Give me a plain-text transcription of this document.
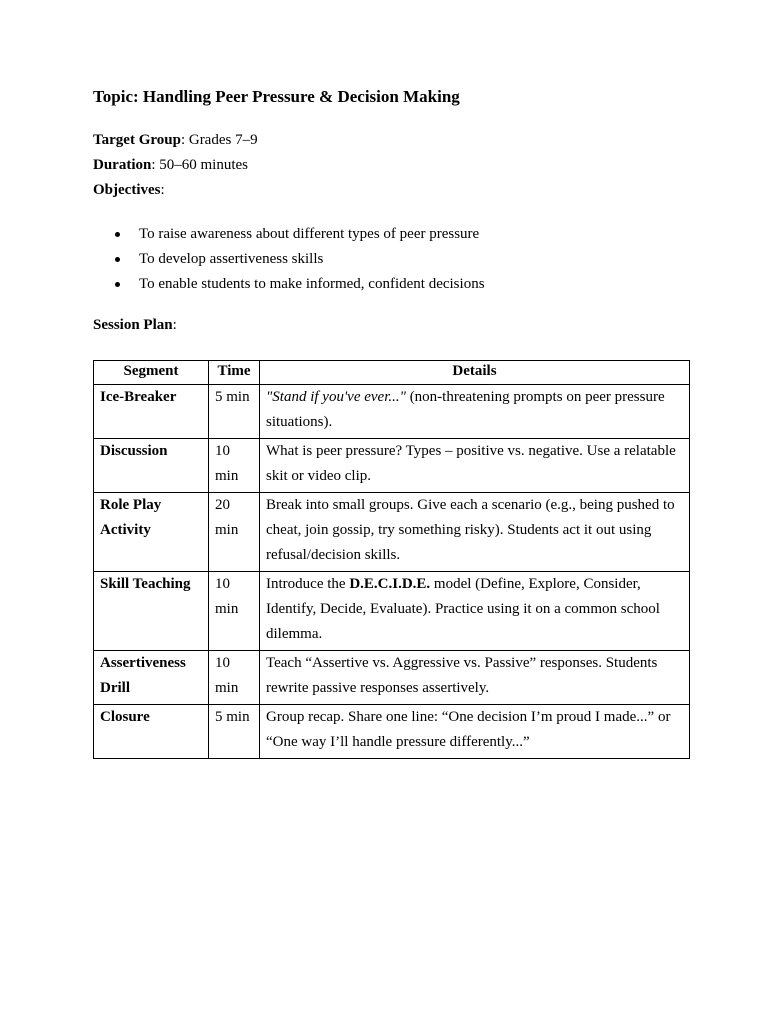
Topic: Handling Peer Pressure & Decision Making
Target Group: Grades 7–9
Duration: 50–60 minutes
Objectives:
To raise awareness about different types of peer pressure
To develop assertiveness skills
To enable students to make informed, confident decisions
Session Plan:
Segment	Time	Details
Ice-Breaker	5 min	"Stand if you've ever..." (non-threatening prompts on peer pressure situations).
Discussion	10 min	What is peer pressure? Types – positive vs. negative. Use a relatable skit or video clip.
Role Play Activity	20 min	Break into small groups. Give each a scenario (e.g., being pushed to cheat, join gossip, try something risky). Students act it out using refusal/decision skills.
Skill Teaching	10 min	Introduce the D.E.C.I.D.E. model (Define, Explore, Consider, Identify, Decide, Evaluate). Practice using it on a common school dilemma.
Assertiveness Drill	10 min	Teach “Assertive vs. Aggressive vs. Passive” responses. Students rewrite passive responses assertively.
Closure	5 min	Group recap. Share one line: “One decision I’m proud I made...” or “One way I’ll handle pressure differently...”
